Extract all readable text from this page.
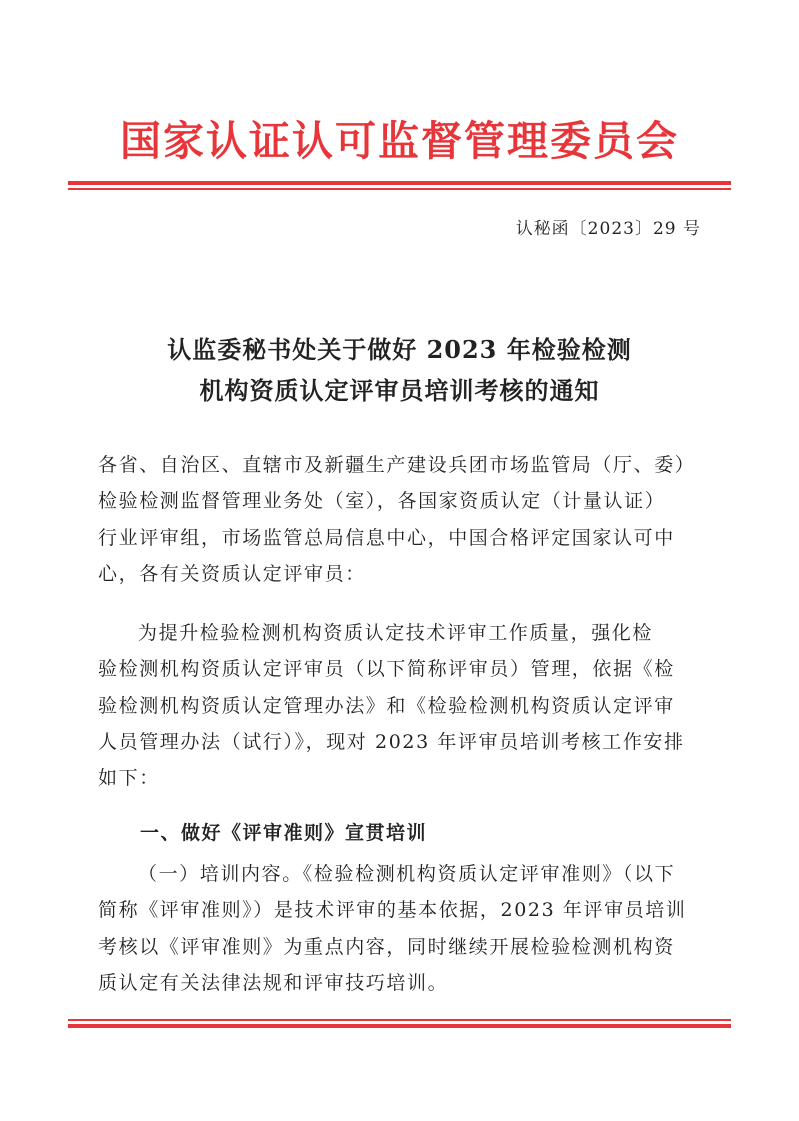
国家认证认可监督管理委员会
认秘函〔2023〕29 号
认监委秘书处关于做好 2023 年检验检测
机构资质认定评审员培训考核的通知
各省、自治区、直辖市及新疆生产建设兵团市场监管局（厅、委）
检验检测监督管理业务处（室），各国家资质认定（计量认证）
行业评审组，市场监管总局信息中心，中国合格评定国家认可中
心，各有关资质认定评审员：
为提升检验检测机构资质认定技术评审工作质量，强化检
验检测机构资质认定评审员（以下简称评审员）管理，依据《检
验检测机构资质认定管理办法》和《检验检测机构资质认定评审
人员管理办法（试行）》，现对 2023 年评审员培训考核工作安排
如下：
一、做好《评审准则》宣贯培训
（一）培训内容。《检验检测机构资质认定评审准则》（以下
简称《评审准则》）是技术评审的基本依据，2023 年评审员培训
考核以《评审准则》为重点内容，同时继续开展检验检测机构资
质认定有关法律法规和评审技巧培训。
